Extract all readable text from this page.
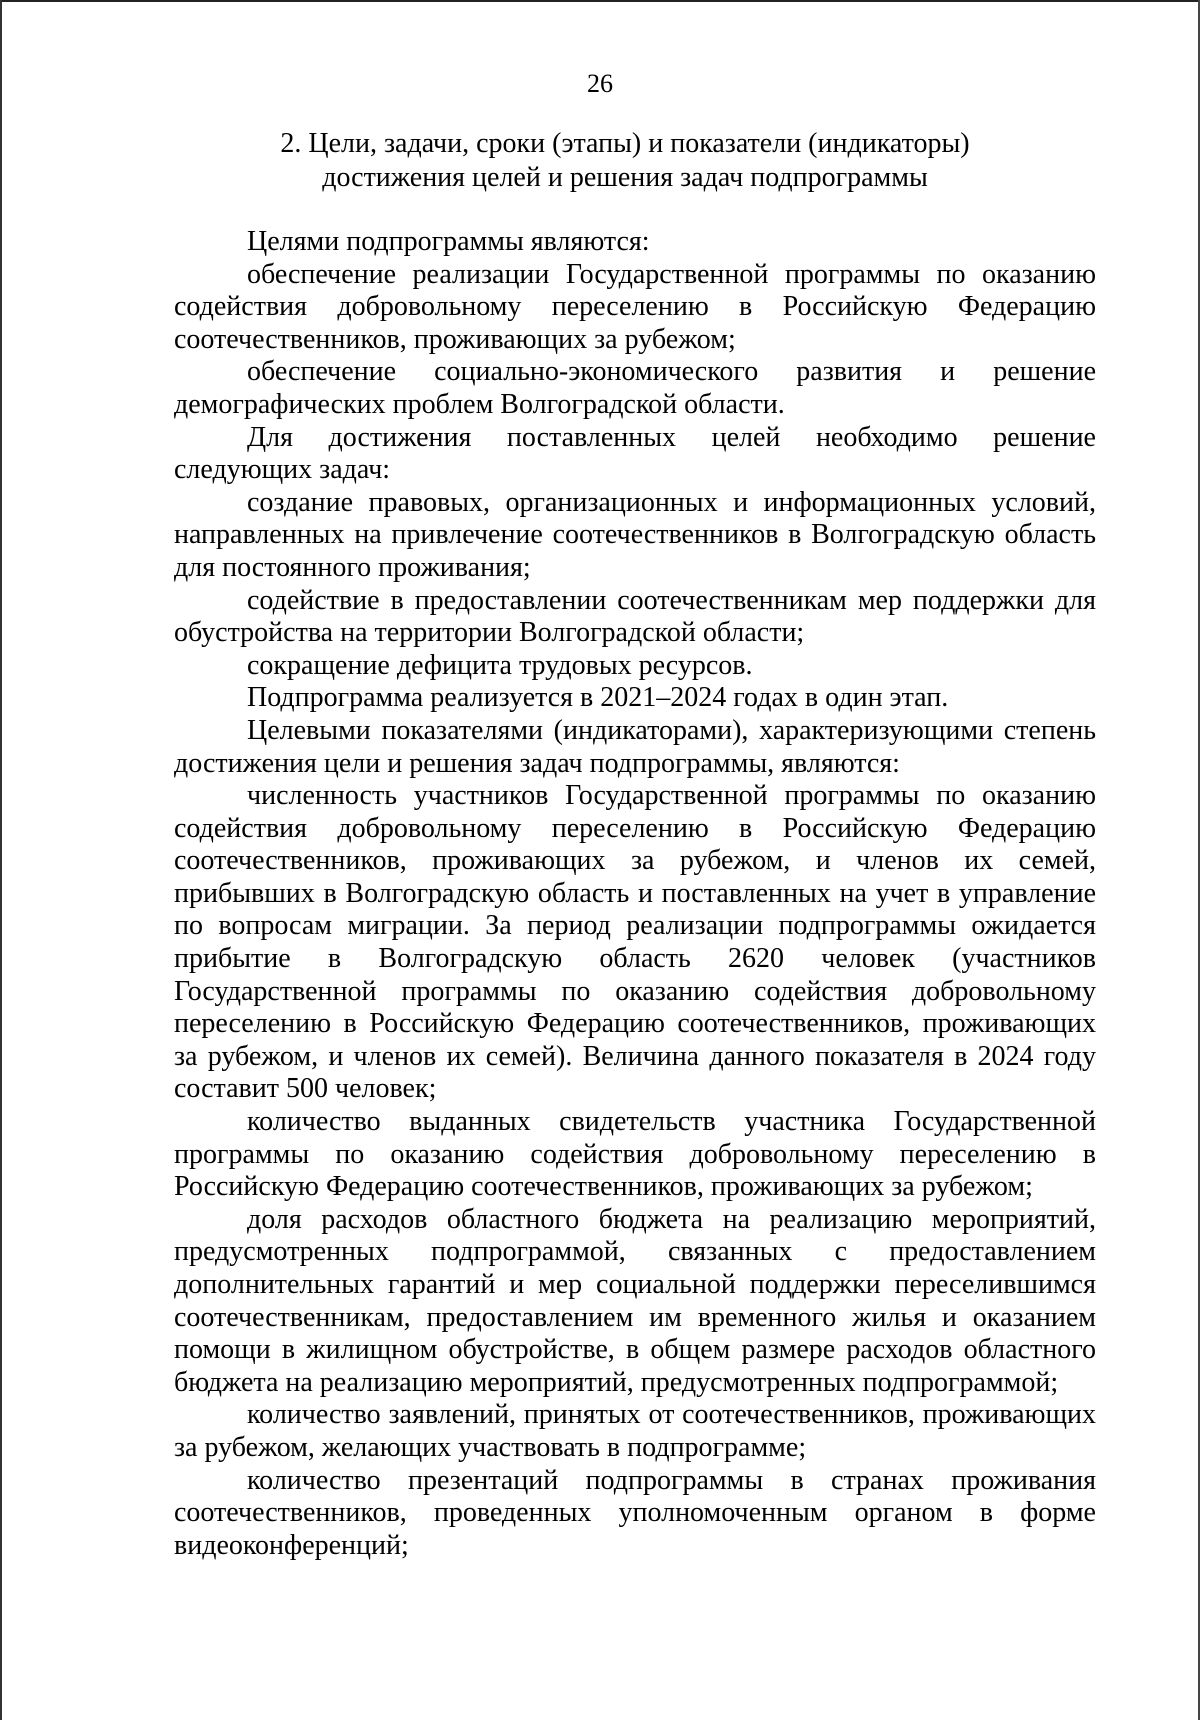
26
2. Цели, задачи, сроки (этапы) и показатели (индикаторы)
достижения целей и решения задач подпрограммы

Целями подпрограммы являются:

обеспечение реализации Государственной программы по оказанию содействия добровольному переселению в Российскую Федерацию соотечественников, проживающих за рубежом;

обеспечение социально-экономического развития и решение демографических проблем Волгоградской области.

Для достижения поставленных целей необходимо решение следующих задач:

создание правовых, организационных и информационных условий, направленных на привлечение соотечественников в Волгоградскую область для постоянного проживания;

содействие в предоставлении соотечественникам мер поддержки для обустройства на территории Волгоградской области;

сокращение дефицита трудовых ресурсов.

Подпрограмма реализуется в 2021–2024 годах в один этап.

Целевыми показателями (индикаторами), характеризующими степень достижения цели и решения задач подпрограммы, являются:

численность участников Государственной программы по оказанию содействия добровольному переселению в Российскую Федерацию соотечественников, проживающих за рубежом, и членов их семей, прибывших в Волгоградскую область и поставленных на учет в управление по вопросам миграции. За период реализации подпрограммы ожидается прибытие в Волгоградскую область 2620 человек (участников Государственной программы по оказанию содействия добровольному переселению в Российскую Федерацию соотечественников, проживающих за рубежом, и членов их семей). Величина данного показателя в 2024 году составит 500 человек;

количество выданных свидетельств участника Государственной программы по оказанию содействия добровольному переселению в Российскую Федерацию соотечественников, проживающих за рубежом;

доля расходов областного бюджета на реализацию мероприятий, предусмотренных подпрограммой, связанных с предоставлением дополнительных гарантий и мер социальной поддержки переселившимся соотечественникам, предоставлением им временного жилья и оказанием помощи в жилищном обустройстве, в общем размере расходов областного бюджета на реализацию мероприятий, предусмотренных подпрограммой;

количество заявлений, принятых от соотечественников, проживающих за рубежом, желающих участвовать в подпрограмме;

количество презентаций подпрограммы в странах проживания соотечественников, проведенных уполномоченным органом в форме видеоконференций;
